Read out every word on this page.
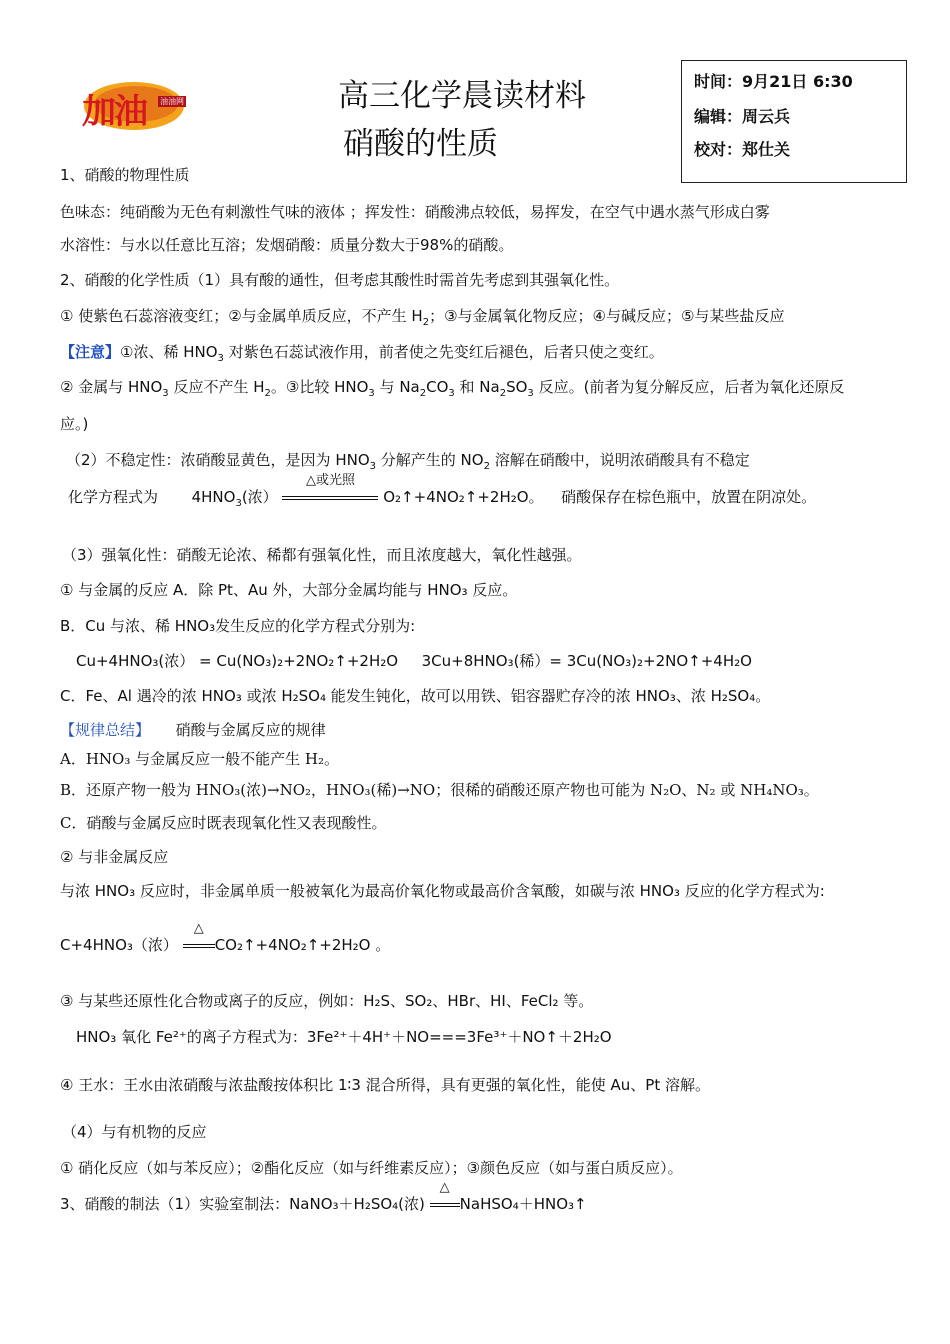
加油 油油网	高三化学晨读材料
硝酸的性质
时间：9月21日 6:30
编辑：周云兵
校对：郑仕关
1、硝酸的物理性质
色味态：纯硝酸为无色有刺激性气味的液体 ；挥发性：硝酸沸点较低，易挥发，在空气中遇水蒸气形成白雾
水溶性：与水以任意比互溶；发烟硝酸：质量分数大于98%的硝酸。
2、硝酸的化学性质（1）具有酸的通性，但考虑其酸性时需首先考虑到其强氧化性。
① 使紫色石蕊溶液变红；②与金属单质反应，不产生 $H_2$；③与金属氧化物反应；④与碱反应；⑤与某些盐反应
【注意】①浓、稀 $HNO_3$ 对紫色石蕊试液作用，前者使之先变红后褪色，后者只使之变红。
② 金属与 $HNO_3$ 反应不产生 $H_2$。③比较 $HNO_3$ 与 $Na_2CO_3$ 和 $Na_2SO_3$ 反应。(前者为复分解反应，后者为氧化还原反
应。)
（2）不稳定性：浓硝酸显黄色，是因为 $HNO_3$ 分解产生的 $NO_2$ 溶解在硝酸中，说明浓硝酸具有不稳定
化学方程式为 $4HNO_3$(浓）
△或光照
O₂↑+4NO₂↑+2H₂O。 硝酸保存在棕色瓶中，放置在阴凉处。
（3）强氧化性：硝酸无论浓、稀都有强氧化性，而且浓度越大，氧化性越强。
① 与金属的反应 A．除 Pt、Au 外，大部分金属均能与 HNO₃ 反应。
B．Cu 与浓、稀 HNO₃发生反应的化学方程式分别为:
Cu+4HNO₃(浓） = Cu(NO₃)₂+2NO₂↑+2H₂O 3Cu+8HNO₃(稀）= 3Cu(NO₃)₂+2NO↑+4H₂O
C．Fe、Al 遇冷的浓 HNO₃ 或浓 H₂SO₄ 能发生钝化，故可以用铁、铝容器贮存冷的浓 HNO₃、浓 H₂SO₄。
【规律总结】 硝酸与金属反应的规律
A．HNO₃ 与金属反应一般不能产生 H₂。
B．还原产物一般为 HNO₃(浓)→NO₂，HNO₃(稀)→NO；很稀的硝酸还原产物也可能为 N₂O、N₂ 或 NH₄NO₃。
C．硝酸与金属反应时既表现氧化性又表现酸性。
② 与非金属反应
与浓 HNO₃ 反应时，非金属单质一般被氧化为最高价氧化物或最高价含氧酸，如碳与浓 HNO₃ 反应的化学方程式为:
C+4HNO₃（浓）
△
CO₂↑+4NO₂↑+2H₂O 。
③ 与某些还原性化合物或离子的反应，例如：H₂S、SO₂、HBr、HI、FeCl₂ 等。
HNO₃ 氧化 Fe²⁺的离子方程式为：3Fe²⁺＋4H⁺＋NO===3Fe³⁺＋NO↑＋2H₂O
④ 王水：王水由浓硝酸与浓盐酸按体积比 1∶3 混合所得，具有更强的氧化性，能使 Au、Pt 溶解。
（4）与有机物的反应
① 硝化反应（如与苯反应）；②酯化反应（如与纤维素反应）；③颜色反应（如与蛋白质反应）。
3、硝酸的制法（1）实验室制法：NaNO₃＋H₂SO₄(浓)
△
NaHSO₄＋HNO₃↑
